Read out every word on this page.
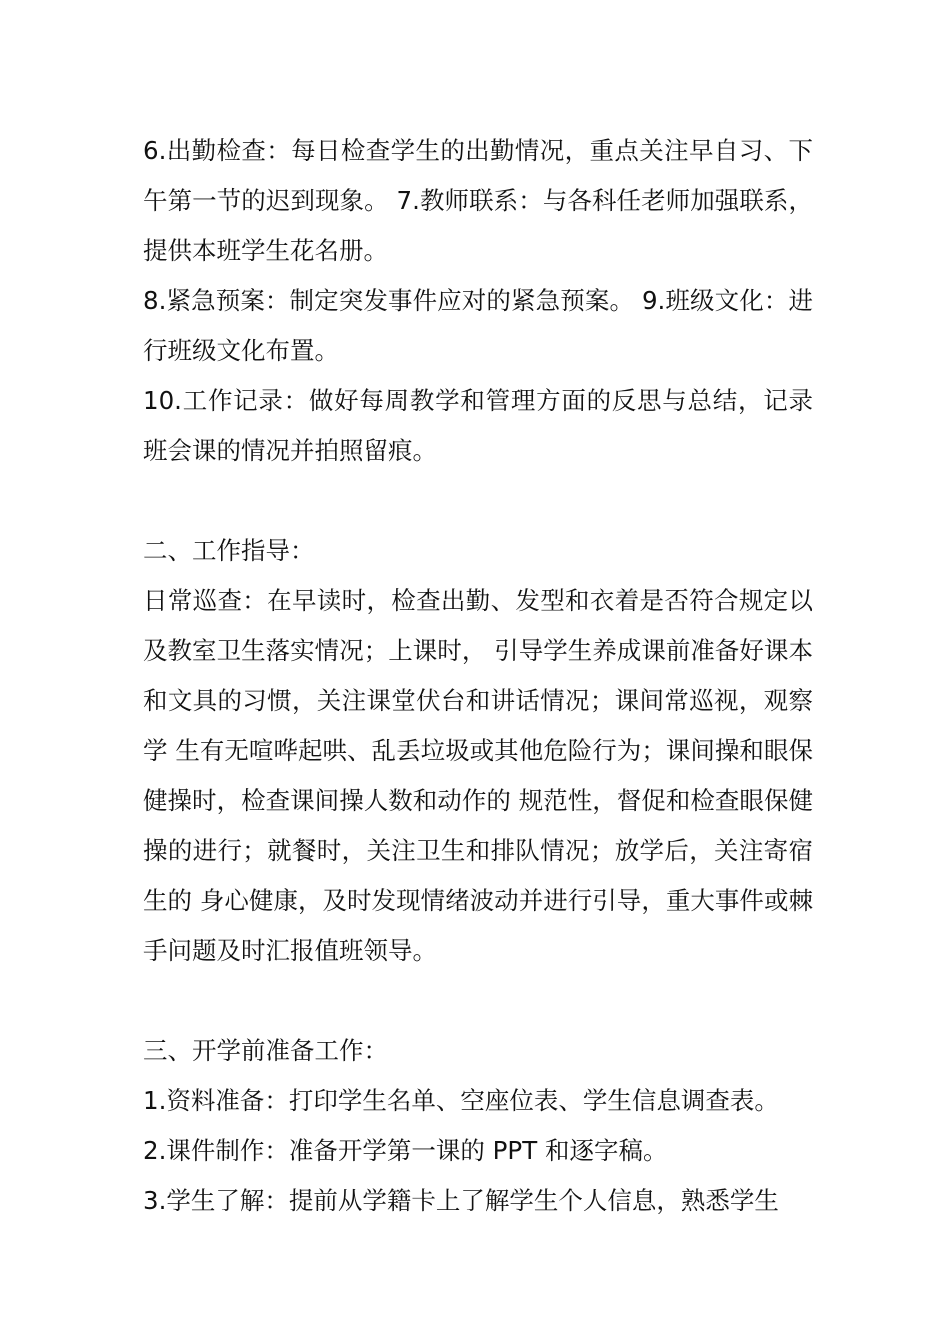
6.出勤检查：每日检查学生的出勤情况，重点关注早自习、下午第一节的迟到现象。 7.教师联系：与各科任老师加强联系，提供本班学生花名册。

8.紧急预案：制定突发事件应对的紧急预案。 9.班级文化：进行班级文化布置。

10.工作记录：做好每周教学和管理方面的反思与总结，记录班会课的情况并拍照留痕。

二、工作指导：

日常巡查：在早读时，检查出勤、发型和衣着是否符合规定以及教室卫生落实情况；上课时， 引导学生养成课前准备好课本和文具的习惯，关注课堂伏台和讲话情况；课间常巡视，观察学 生有无喧哗起哄、乱丢垃圾或其他危险行为；课间操和眼保健操时，检查课间操人数和动作的 规范性，督促和检查眼保健操的进行；就餐时，关注卫生和排队情况；放学后，关注寄宿生的 身心健康，及时发现情绪波动并进行引导，重大事件或棘手问题及时汇报值班领导。

三、开学前准备工作：

1.资料准备：打印学生名单、空座位表、学生信息调查表。

2.课件制作：准备开学第一课的 PPT 和逐字稿。

3.学生了解：提前从学籍卡上了解学生个人信息，熟悉学生
